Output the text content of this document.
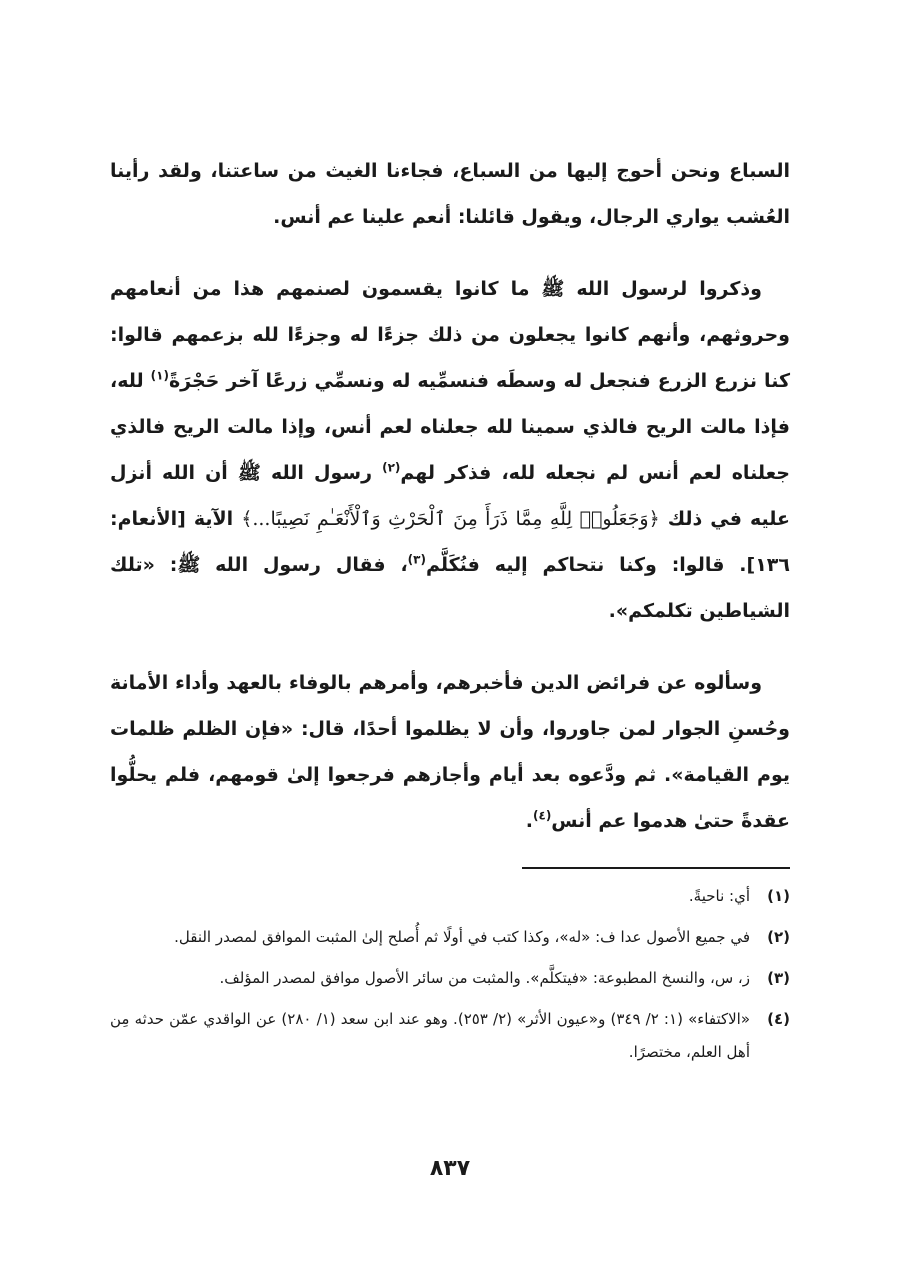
السباع ونحن أحوج إليها من السباع، فجاءنا الغيث من ساعتنا، ولقد رأينا العُشب يواري الرجال، ويقول قائلنا: أنعم علينا عم أنس.

وذكروا لرسول الله ﷺ ما كانوا يقسمون لصنمهم هذا من أنعامهم وحروثهم، وأنهم كانوا يجعلون من ذلك جزءًا له وجزءًا لله بزعمهم قالوا: كنا نزرع الزرع فنجعل له وسطَه فنسمِّيه له ونسمِّي زرعًا آخر حَجْرَةً$^{(١)}$ لله، فإذا مالت الريح فالذي سمينا لله جعلناه لعم أنس، وإذا مالت الريح فالذي جعلناه لعم أنس لم نجعله لله، فذكر لهم$^{(٢)}$ رسول الله ﷺ أن الله أنزل عليه في ذلك ﴿وَجَعَلُوا۟ لِلَّهِ مِمَّا ذَرَأَ مِنَ ٱلْحَرْثِ وَٱلْأَنْعَـٰمِ نَصِيبًا...﴾ الآية [الأنعام: ١٣٦]. قالوا: وكنا نتحاكم إليه فنُكَلَّم$^{(٣)}$، فقال رسول الله ﷺ: «تلك الشياطين تكلمكم».

وسألوه عن فرائض الدين فأخبرهم، وأمرهم بالوفاء بالعهد وأداء الأمانة وحُسنِ الجوار لمن جاوروا، وأن لا يظلموا أحدًا، قال: «فإن الظلم ظلمات يوم القيامة». ثم ودَّعوه بعد أيام وأجازهم فرجعوا إلىٰ قومهم، فلم يحلُّوا عقدةً حتىٰ هدموا عم أنس$^{(٤)}$.

(١)
أي: ناحيةً.
(٢)
في جميع الأصول عدا ف: «له»، وكذا كتب في أولًا ثم أُصلح إلىٰ المثبت الموافق لمصدر النقل.
(٣)
ز، س، والنسخ المطبوعة: «فيتكلَّم». والمثبت من سائر الأصول موافق لمصدر المؤلف.
(٤)
«الاكتفاء» (١: ٢/ ٣٤٩) و«عيون الأثر» (٢/ ٢٥٣). وهو عند ابن سعد (١/ ٢٨٠) عن الواقدي عمّن حدثه مِن أهل العلم، مختصرًا.
٨٣٧
